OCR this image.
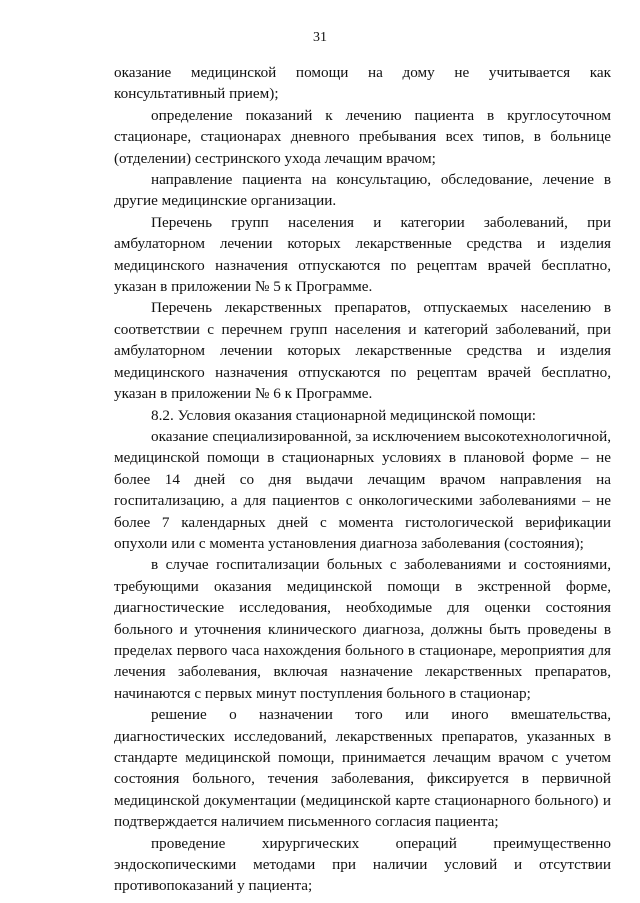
31

оказание медицинской помощи на дому не учитывается как консультативный прием);

определение показаний к лечению пациента в круглосуточном стационаре, стационарах дневного пребывания всех типов, в больнице (отделении) сестринского ухода лечащим врачом;

направление пациента на консультацию, обследование, лечение в другие медицинские организации.

Перечень групп населения и категории заболеваний, при амбулаторном лечении которых лекарственные средства и изделия медицинского назначения отпускаются по рецептам врачей бесплатно, указан в приложении № 5 к Программе.

Перечень лекарственных препаратов, отпускаемых населению в соответствии с перечнем групп населения и категорий заболеваний, при амбулаторном лечении которых лекарственные средства и изделия медицинского назначения отпускаются по рецептам врачей бесплатно, указан в приложении № 6 к Программе.

8.2. Условия оказания стационарной медицинской помощи:

оказание специализированной, за исключением высокотехнологичной, медицинской помощи в стационарных условиях в плановой форме – не более 14 дней со дня выдачи лечащим врачом направления на госпитализацию, а для пациентов с онкологическими заболеваниями – не более 7 календарных дней с момента гистологической верификации опухоли или с момента установления диагноза заболевания (состояния);

в случае госпитализации больных с заболеваниями и состояниями, требующими оказания медицинской помощи в экстренной форме, диагностические исследования, необходимые для оценки состояния больного и уточнения клинического диагноза, должны быть проведены в пределах первого часа нахождения больного в стационаре, мероприятия для лечения заболевания, включая назначение лекарственных препаратов, начинаются с первых минут поступления больного в стационар;

решение о назначении того или иного вмешательства, диагностических исследований, лекарственных препаратов, указанных в стандарте медицинской помощи, принимается лечащим врачом с учетом состояния больного, течения заболевания, фиксируется в первичной медицинской документации (медицинской карте стационарного больного) и подтверждается наличием письменного согласия пациента;

проведение хирургических операций преимущественно эндоскопическими методами при наличии условий и отсутствии противопоказаний у пациента;
